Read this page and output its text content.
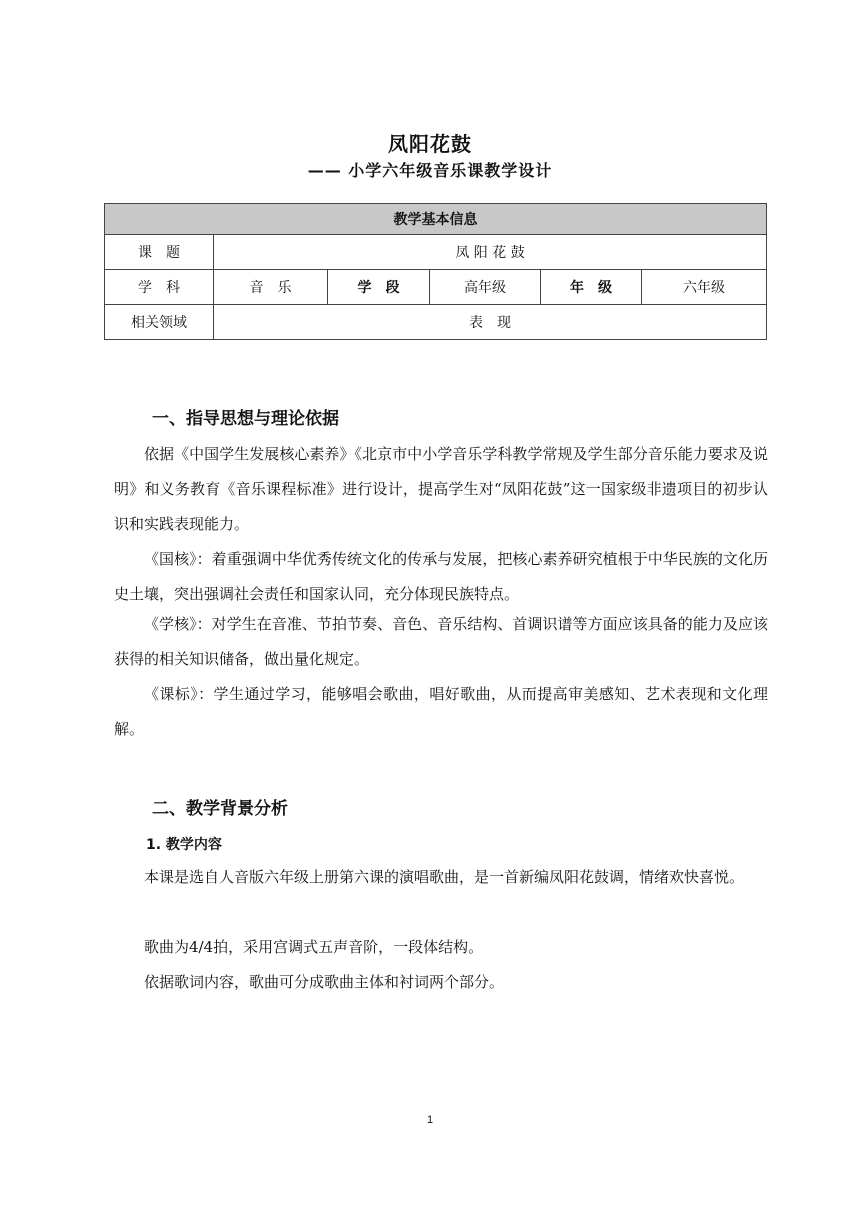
凤阳花鼓
—— 小学六年级音乐课教学设计
教学基本信息					
课　题	凤 阳 花 鼓				
学　科	音　乐	学　段	高年级	年　级	六年级
相关领域	表　现				
一、指导思想与理论依据
依据《中国学生发展核心素养》《北京市中小学音乐学科教学常规及学生部分音乐能力要求及说明》和义务教育《音乐课程标准》进行设计，提高学生对“凤阳花鼓”这一国家级非遗项目的初步认识和实践表现能力。
《国核》：着重强调中华优秀传统文化的传承与发展，把核心素养研究植根于中华民族的文化历史土壤，突出强调社会责任和国家认同，充分体现民族特点。
《学核》：对学生在音准、节拍节奏、音色、音乐结构、首调识谱等方面应该具备的能力及应该获得的相关知识储备，做出量化规定。
《课标》：学生通过学习，能够唱会歌曲，唱好歌曲，从而提高审美感知、艺术表现和文化理解。
二、教学背景分析
1. 教学内容
本课是选自人音版六年级上册第六课的演唱歌曲，是一首新编凤阳花鼓调，情绪欢快喜悦。
歌曲为4/4拍，采用宫调式五声音阶，一段体结构。
依据歌词内容，歌曲可分成歌曲主体和衬词两个部分。
1
